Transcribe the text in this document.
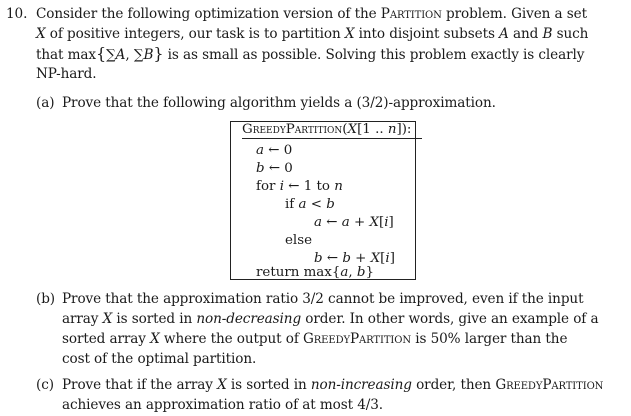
10. Consider the following optimization version of the Partition problem. Given a set
X of positive integers, our task is to partition X into disjoint subsets A and B such
that max{∑A, ∑B} is as small as possible. Solving this problem exactly is clearly
NP-hard.
(a) Prove that the following algorithm yields a (3/2)-approximation.
GreedyPartition(X[1 .. n]):
a ← 0
b ← 0
for i ← 1 to n
if a < b
a ← a + X[i]
else
b ← b + X[i]
return max{a, b}
(b) Prove that the approximation ratio 3/2 cannot be improved, even if the input
array X is sorted in non-decreasing order. In other words, give an example of a
sorted array X where the output of GreedyPartition is 50% larger than the
cost of the optimal partition.
(c) Prove that if the array X is sorted in non-increasing order, then GreedyPartition
achieves an approximation ratio of at most 4/3.
